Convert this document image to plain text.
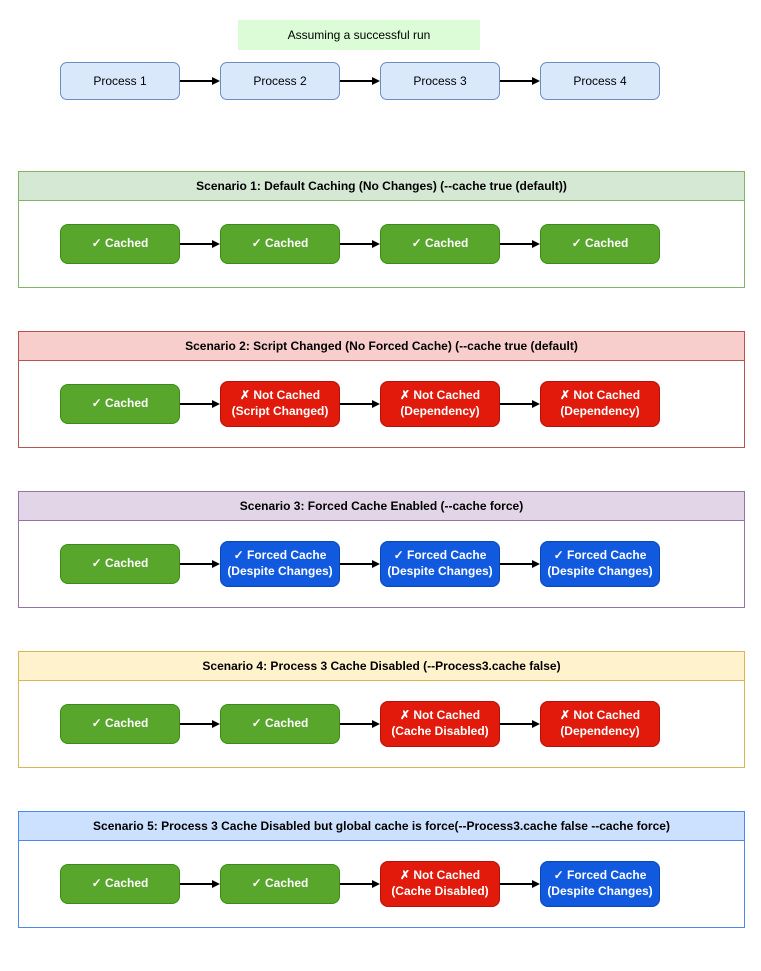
Assuming a successful run
Process 1	Process 2	Process 3	Process 4
Scenario 1: Default Caching (No Changes) (--cache true (default))
✓ Cached	✓ Cached	✓ Cached	✓ Cached
Scenario 2: Script Changed (No Forced Cache) (--cache true (default)
✓ Cached
✗ Not Cached
(Script Changed)
✗ Not Cached
(Dependency)
✗ Not Cached
(Dependency)
Scenario 3: Forced Cache Enabled (--cache force)
✓ Cached
✓ Forced Cache
(Despite Changes)
✓ Forced Cache
(Despite Changes)
✓ Forced Cache
(Despite Changes)
Scenario 4: Process 3 Cache Disabled (--Process3.cache false)
✓ Cached	✓ Cached
✗ Not Cached
(Cache Disabled)
✗ Not Cached
(Dependency)
Scenario 5: Process 3 Cache Disabled but global cache is force(--Process3.cache false --cache force)
✓ Cached	✓ Cached
✗ Not Cached
(Cache Disabled)
✓ Forced Cache
(Despite Changes)
